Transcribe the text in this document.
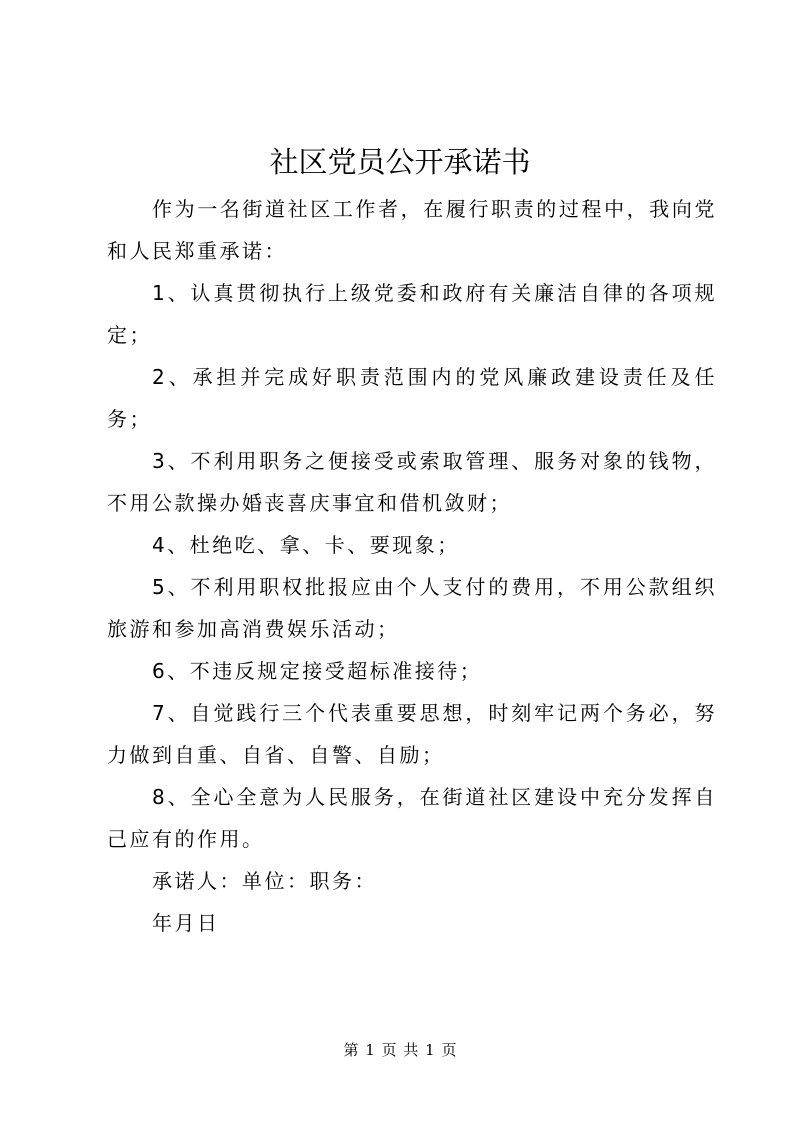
社区党员公开承诺书

作为一名街道社区工作者，在履行职责的过程中，我向党和人民郑重承诺：

1、认真贯彻执行上级党委和政府有关廉洁自律的各项规定；

2、承担并完成好职责范围内的党风廉政建设责任及任务；

3、不利用职务之便接受或索取管理、服务对象的钱物，不用公款操办婚丧喜庆事宜和借机敛财；

4、杜绝吃、拿、卡、要现象；

5、不利用职权批报应由个人支付的费用，不用公款组织旅游和参加高消费娱乐活动；

6、不违反规定接受超标准接待；

7、自觉践行三个代表重要思想，时刻牢记两个务必，努力做到自重、自省、自警、自励；

8、全心全意为人民服务，在街道社区建设中充分发挥自己应有的作用。

承诺人：单位：职务：

年月日

第 1 页 共 1 页
